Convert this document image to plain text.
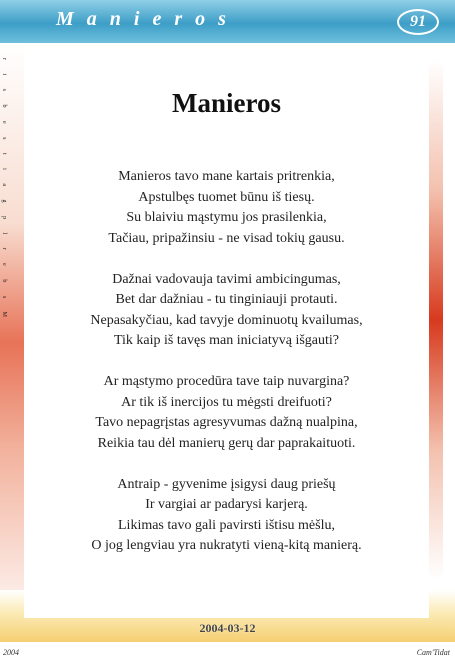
Manieros	91
r i s b e s t i a g p l r e b s M	Manieros
Manieros tavo mane kartais pritrenkia,
Apstulbęs tuomet būnu iš tiesų.
Su blaiviu mąstymu jos prasilenkia,
Tačiau, pripažinsiu - ne visad tokių gausu.
Dažnai vadovauja tavimi ambicingumas,
Bet dar dažniau - tu tinginiauji protauti.
Nepasakyčiau, kad tavyje dominuotų kvailumas,
Tik kaip iš tavęs man iniciatyvą išgauti?
Ar mąstymo procedūra tave taip nuvargina?
Ar tik iš inercijos tu mėgsti dreifuoti?
Tavo nepagrįstas agresyvumas dažną nualpina,
Reikia tau dėl manierų gerų dar paprakaituoti.
Antraip - gyvenime įsigysi daug priešų
Ir vargiai ar padarysi karjerą.
Likimas tavo gali pavirsti ištisu mėšlu,
O jog lengviau yra nukratyti vieną-kitą manierą.
2004-03-12
2004	Cam'Tidat
